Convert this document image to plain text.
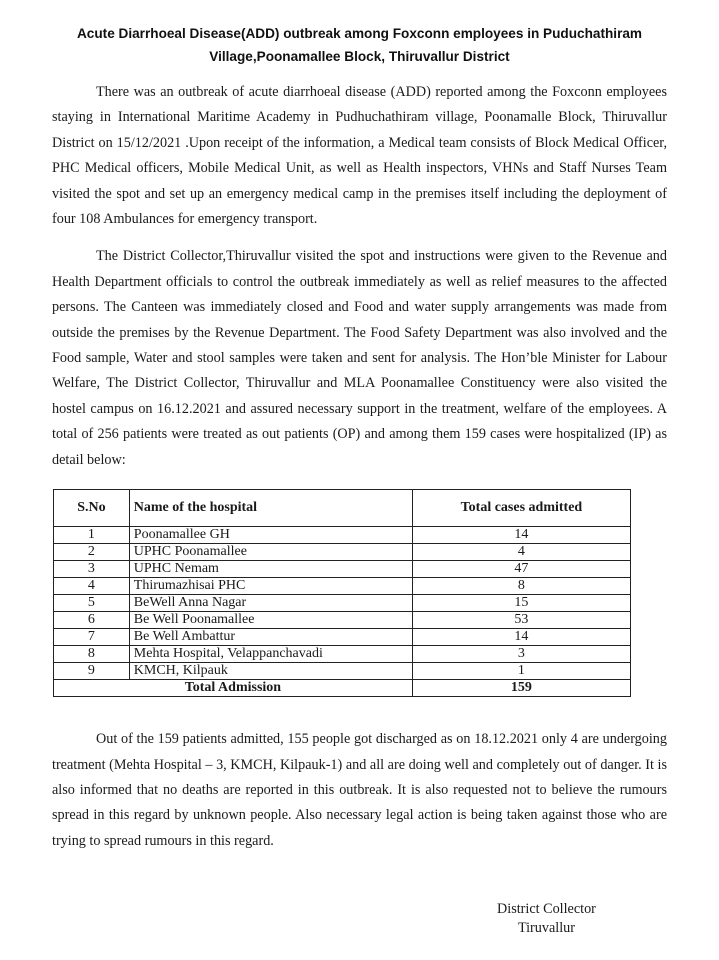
Acute Diarrhoeal Disease(ADD) outbreak among Foxconn employees in Puduchathiram
Village,Poonamallee Block, Thiruvallur District

There was an outbreak of acute diarrhoeal disease (ADD) reported among the Foxconn employees staying in International Maritime Academy in Pudhuchathiram village, Poonamalle Block, Thiruvallur District on 15/12/2021 .Upon receipt of the information, a Medical team consists of Block Medical Officer, PHC Medical officers, Mobile Medical Unit, as well as Health inspectors, VHNs and Staff Nurses Team visited the spot and set up an emergency medical camp in the premises itself including the deployment of four 108 Ambulances for emergency transport.

The District Collector,Thiruvallur visited the spot and instructions were given to the Revenue and Health Department officials to control the outbreak immediately as well as relief measures to the affected persons. The Canteen was immediately closed and Food and water supply arrangements was made from outside the premises by the Revenue Department. The Food Safety Department was also involved and the Food sample, Water and stool samples were taken and sent for analysis. The Hon’ble Minister for Labour Welfare, The District Collector, Thiruvallur and MLA Poonamallee Constituency were also visited the hostel campus on 16.12.2021 and assured necessary support in the treatment, welfare of the employees. A total of 256 patients were treated as out patients (OP) and among them 159 cases were hospitalized (IP) as detail below:

S.No	Name of the hospital	Total cases admitted
1	Poonamallee GH	14
2	UPHC Poonamallee	4
3	UPHC Nemam	47
4	Thirumazhisai PHC	8
5	BeWell Anna Nagar	15
6	Be Well Poonamallee	53
7	Be Well Ambattur	14
8	Mehta Hospital, Velappanchavadi	3
9	KMCH, Kilpauk	1
Total Admission		159

Out of the 159 patients admitted, 155 people got discharged as on 18.12.2021 only 4 are undergoing treatment (Mehta Hospital – 3, KMCH, Kilpauk-1) and all are doing well and completely out of danger. It is also informed that no deaths are reported in this outbreak. It is also requested not to believe the rumours spread in this regard by unknown people. Also necessary legal action is being taken against those who are trying to spread rumours in this regard.

District Collector
Tiruvallur
